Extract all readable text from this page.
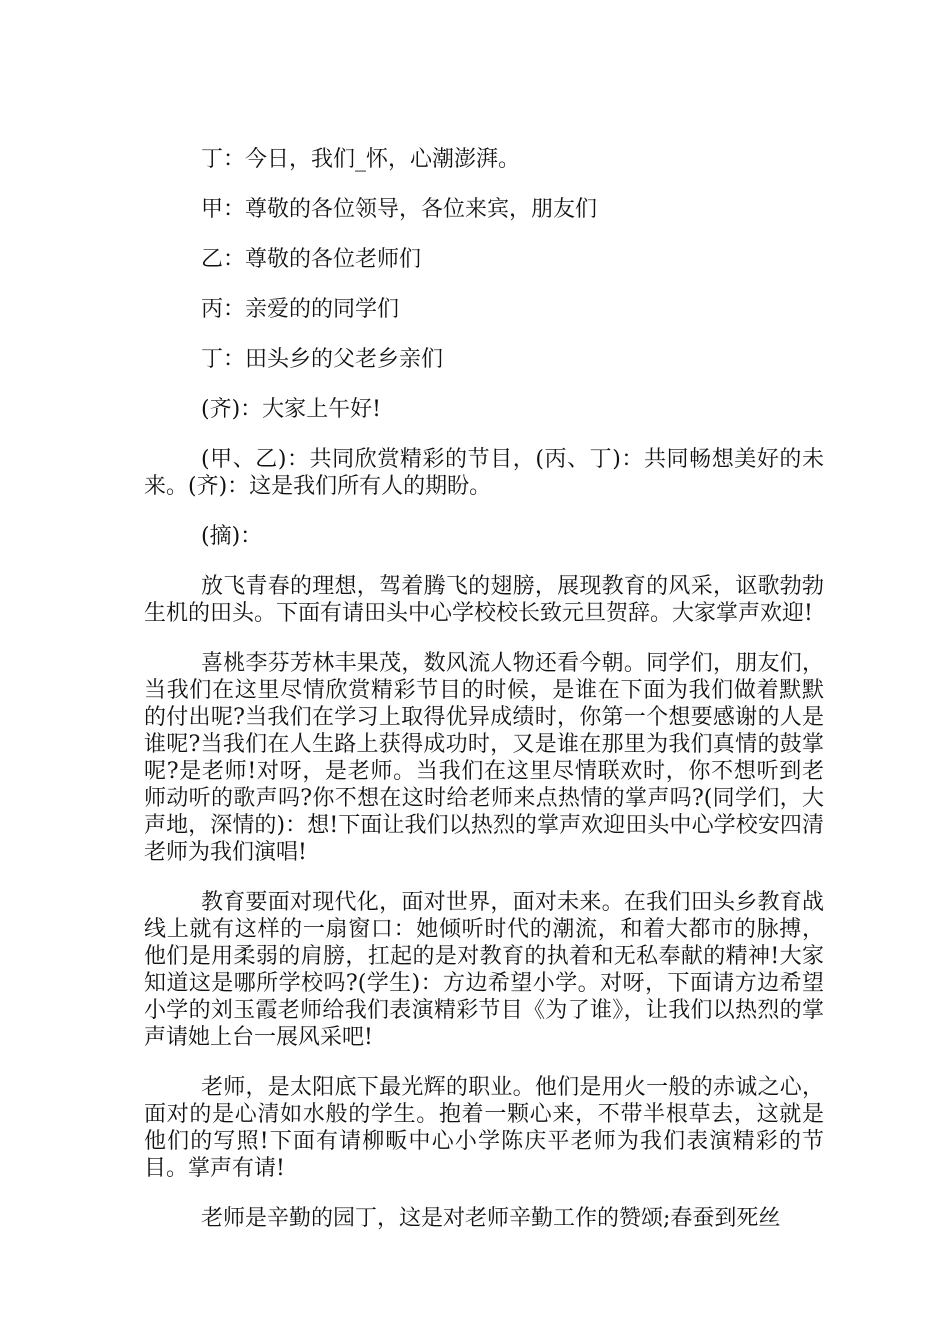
丁：今日，我们_怀，心潮澎湃。

甲：尊敬的各位领导，各位来宾，朋友们

乙：尊敬的各位老师们

丙：亲爱的的同学们

丁：田头乡的父老乡亲们

(齐)：大家上午好!

(甲、乙)：共同欣赏精彩的节目，(丙、丁)：共同畅想美好的未来。(齐)：这是我们所有人的期盼。

(摘)：

放飞青春的理想，驾着腾飞的翅膀，展现教育的风采，讴歌勃勃生机的田头。下面有请田头中心学校校长致元旦贺辞。大家掌声欢迎!

喜桃李芬芳林丰果茂，数风流人物还看今朝。同学们，朋友们，当我们在这里尽情欣赏精彩节目的时候，是谁在下面为我们做着默默的付出呢?当我们在学习上取得优异成绩时，你第一个想要感谢的人是谁呢?当我们在人生路上获得成功时，又是谁在那里为我们真情的鼓掌呢?是老师!对呀，是老师。当我们在这里尽情联欢时，你不想听到老师动听的歌声吗?你不想在这时给老师来点热情的掌声吗?(同学们，大声地，深情的)：想!下面让我们以热烈的掌声欢迎田头中心学校安四清老师为我们演唱!

教育要面对现代化，面对世界，面对未来。在我们田头乡教育战线上就有这样的一扇窗口：她倾听时代的潮流，和着大都市的脉搏，他们是用柔弱的肩膀，扛起的是对教育的执着和无私奉献的精神!大家知道这是哪所学校吗?(学生)：方边希望小学。对呀，下面请方边希望小学的刘玉霞老师给我们表演精彩节目《为了谁》，让我们以热烈的掌声请她上台一展风采吧!

老师，是太阳底下最光辉的职业。他们是用火一般的赤诚之心，面对的是心清如水般的学生。抱着一颗心来，不带半根草去，这就是他们的写照!下面有请柳畈中心小学陈庆平老师为我们表演精彩的节目。掌声有请!

老师是辛勤的园丁，这是对老师辛勤工作的赞颂;春蚕到死丝
